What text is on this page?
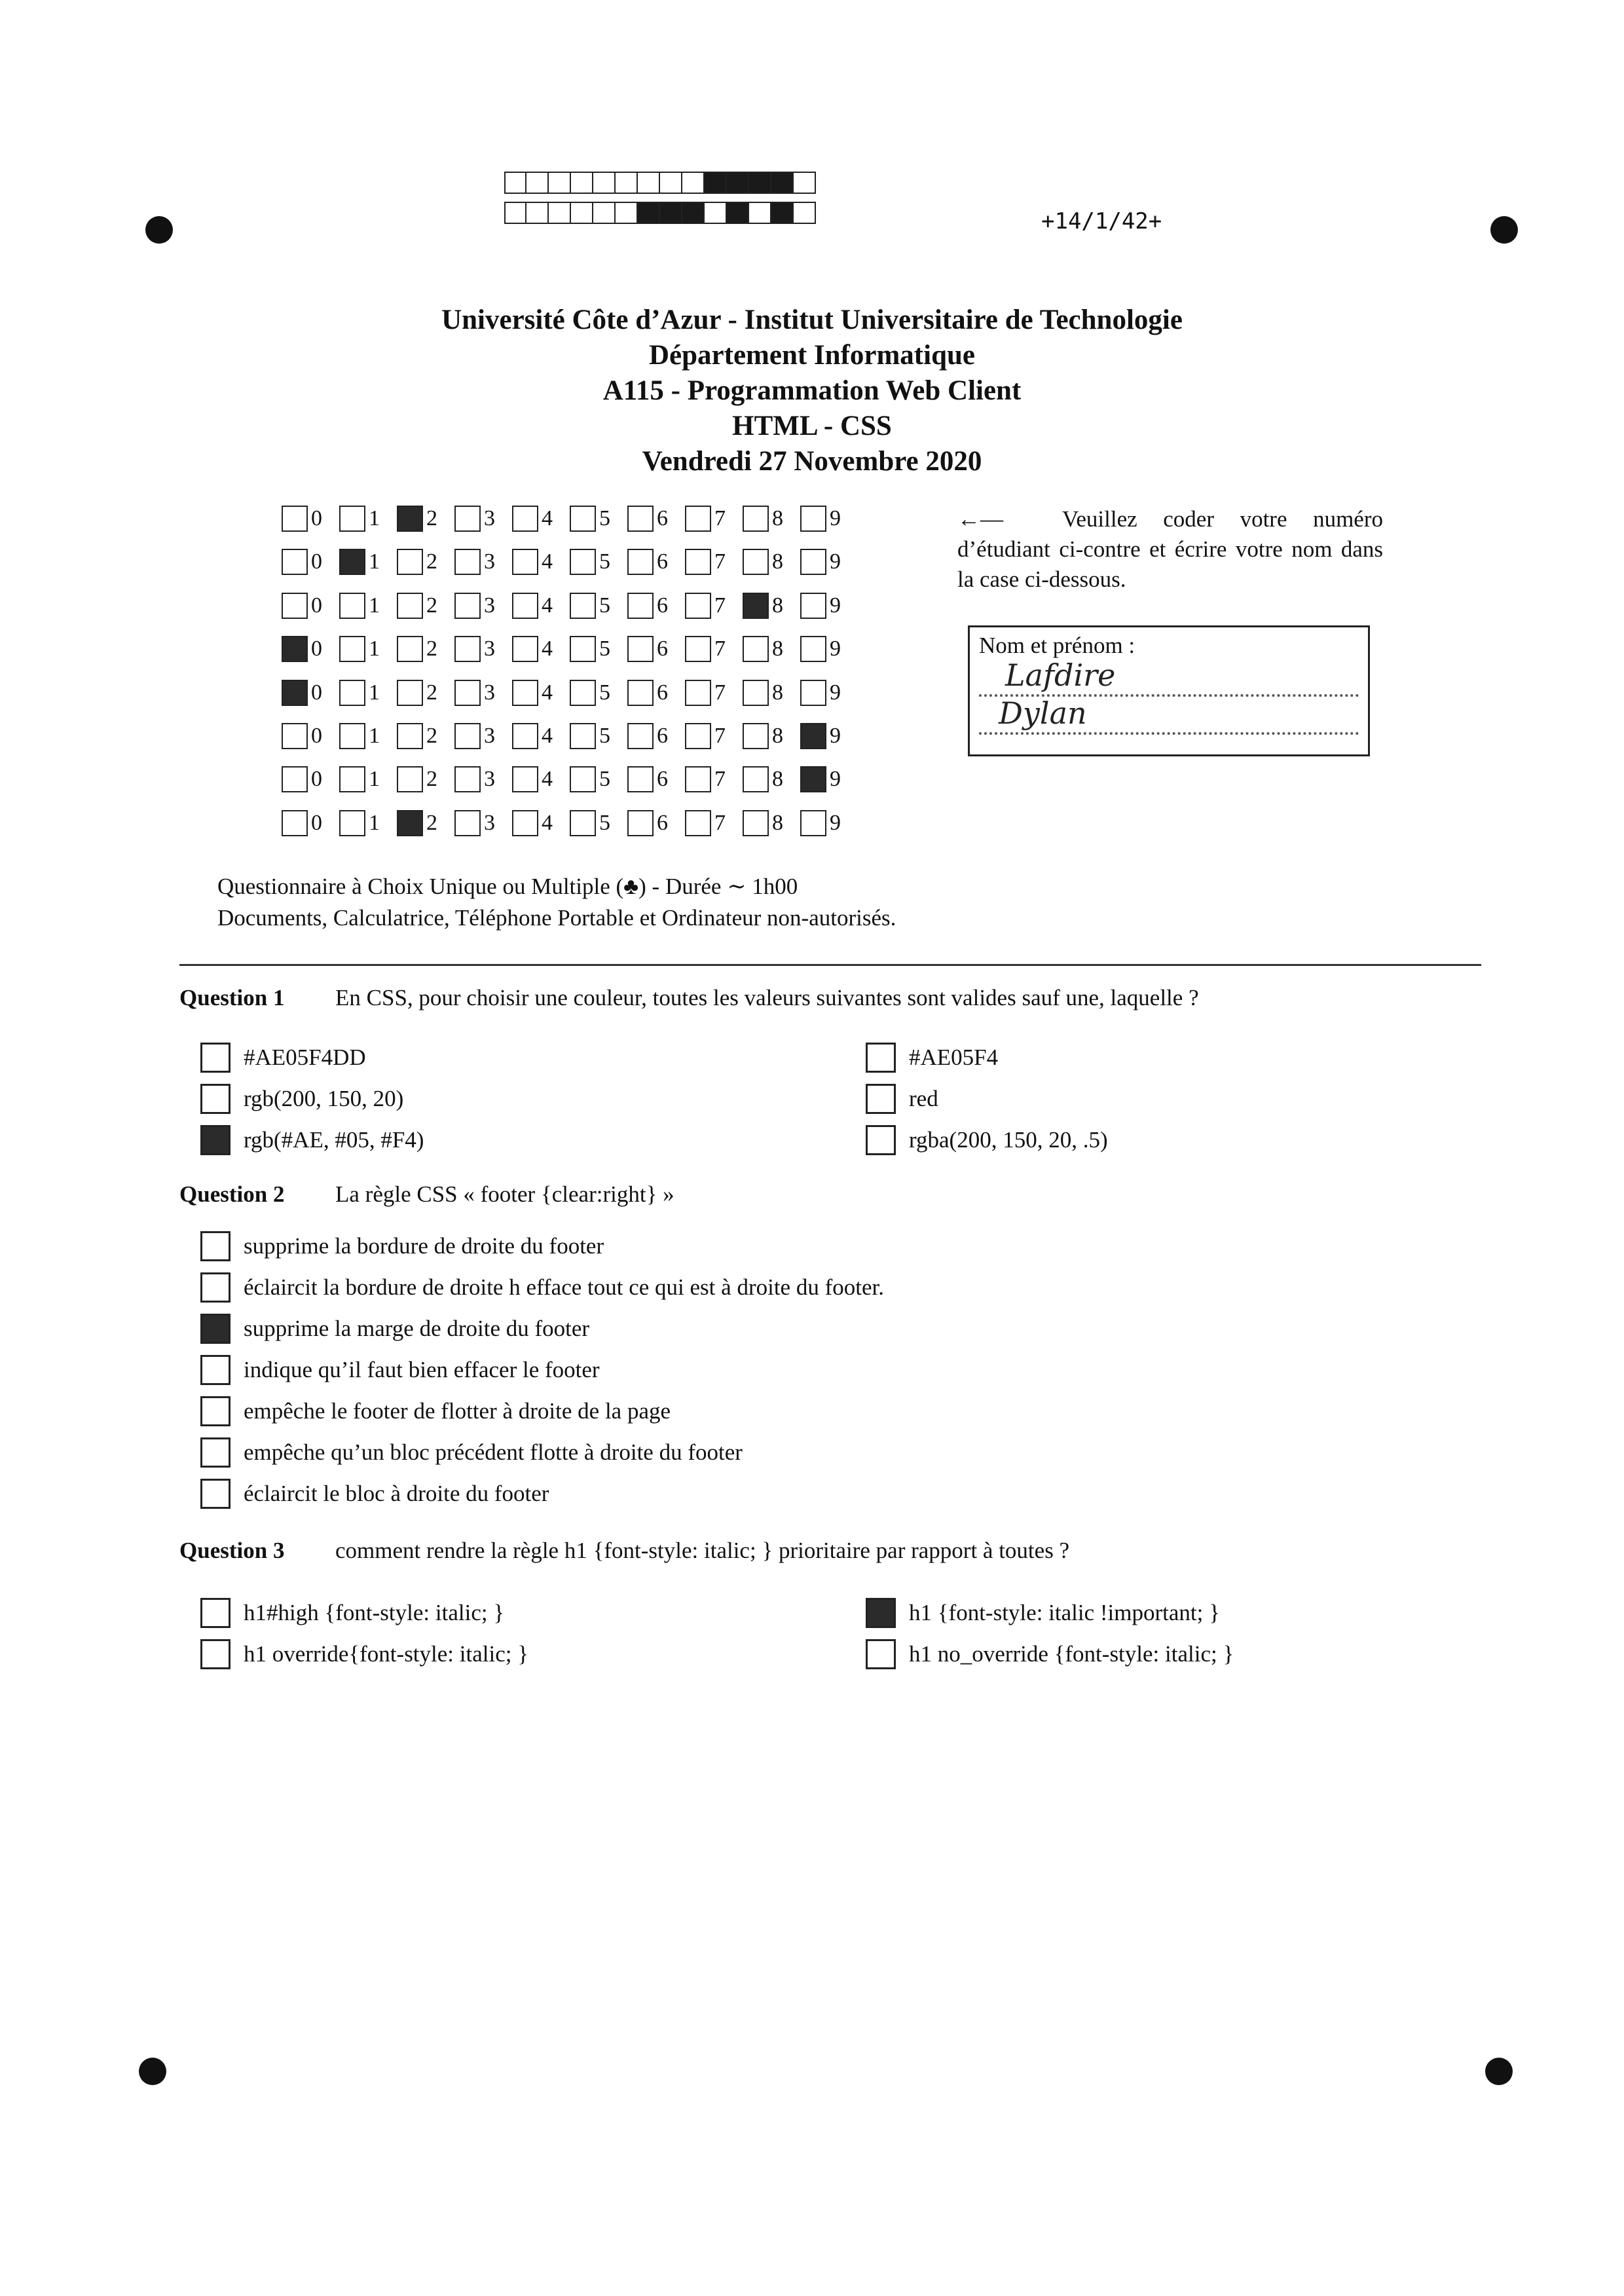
+14/1/42+
Université Côte d’Azur - Institut Universitaire de Technologie
Département Informatique
A115 - Programmation Web Client
HTML - CSS
Vendredi 27 Novembre 2020
0 1 2 3 4 5 6 7 8 9
0 1 2 3 4 5 6 7 8 9
0 1 2 3 4 5 6 7 8 9
0 1 2 3 4 5 6 7 8 9
0 1 2 3 4 5 6 7 8 9
0 1 2 3 4 5 6 7 8 9
0 1 2 3 4 5 6 7 8 9
0 1 2 3 4 5 6 7 8 9
←—	Veuillez coder votre numéro d’étudiant ci-contre et écrire votre nom dans la case ci-dessous.
Nom et prénom :
Lafdire
Dylan
Questionnaire à Choix Unique ou Multiple (♣) - Durée ∼ 1h00
Documents, Calculatrice, Téléphone Portable et Ordinateur non-autorisés.
Question 1 En CSS, pour choisir une couleur, toutes les valeurs suivantes sont valides sauf une, laquelle ?
#AE05F4DD	#AE05F4
rgb(200, 150, 20)	red
rgb(#AE, #05, #F4)	rgba(200, 150, 20, .5)
Question 2 La règle CSS « footer {clear:right} »
supprime la bordure de droite du footer
éclaircit la bordure de droite h efface tout ce qui est à droite du footer.
supprime la marge de droite du footer
indique qu’il faut bien effacer le footer
empêche le footer de flotter à droite de la page
empêche qu’un bloc précédent flotte à droite du footer
éclaircit le bloc à droite du footer
Question 3 comment rendre la règle h1 {font-style: italic; } prioritaire par rapport à toutes ?
h1#high {font-style: italic; }	h1 {font-style: italic !important; }
h1 override{font-style: italic; }	h1 no_override {font-style: italic; }
